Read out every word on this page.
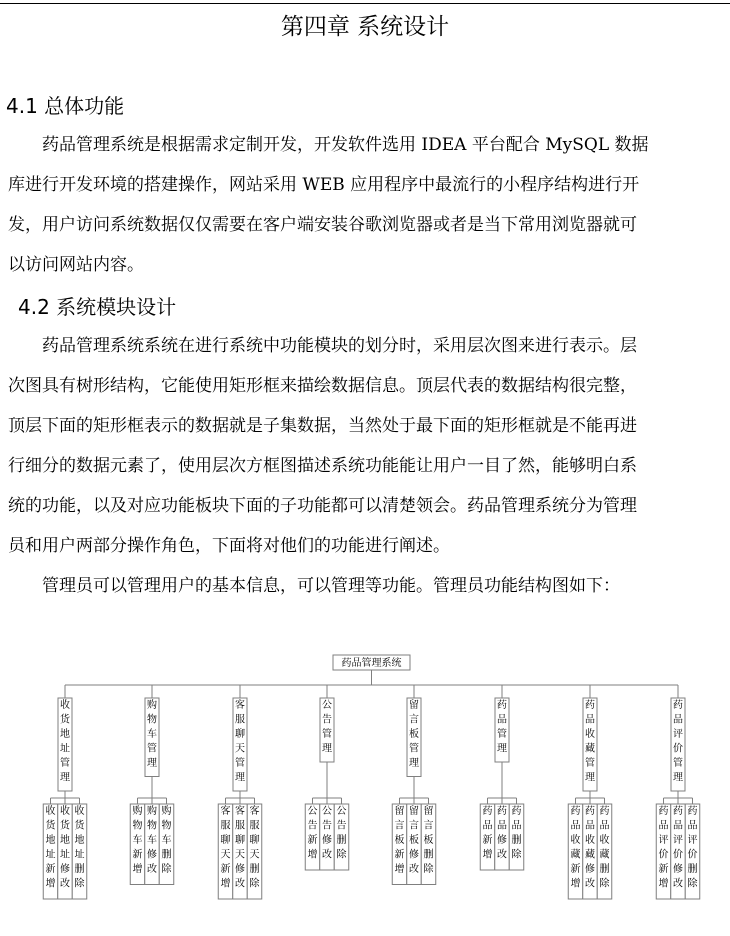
第四章 系统设计
4.1 总体功能
药品管理系统是根据需求定制开发，开发软件选用 IDEA 平台配合 MySQL 数据
库进行开发环境的搭建操作，网站采用 WEB 应用程序中最流行的小程序结构进行开
发，用户访问系统数据仅仅需要在客户端安装谷歌浏览器或者是当下常用浏览器就可
以访问网站内容。
4.2 系统模块设计
药品管理系统系统在进行系统中功能模块的划分时，采用层次图来进行表示。层
次图具有树形结构，它能使用矩形框来描绘数据信息。顶层代表的数据结构很完整，
顶层下面的矩形框表示的数据就是子集数据，当然处于最下面的矩形框就是不能再进
行细分的数据元素了，使用层次方框图描述系统功能能让用户一目了然，能够明白系
统的功能，以及对应功能板块下面的子功能都可以清楚领会。药品管理系统分为管理
员和用户两部分操作角色，下面将对他们的功能进行阐述。
管理员可以管理用户的基本信息，可以管理等功能。管理员功能结构图如下：
药品管理系统
收货地址管理
收货地址新增
收货地址修改
收货地址删除
购物车管理
购物车新增
购物车修改
购物车删除
客服聊天管理
客服聊天新增
客服聊天修改
客服聊天删除
公告管理
公告新增
公告修改
公告删除
留言板管理
留言板新增
留言板修改
留言板删除
药品管理
药品新增
药品修改
药品删除
药品收藏管理
药品收藏新增
药品收藏修改
药品收藏删除
药品评价管理
药品评价新增
药品评价修改
药品评价删除
